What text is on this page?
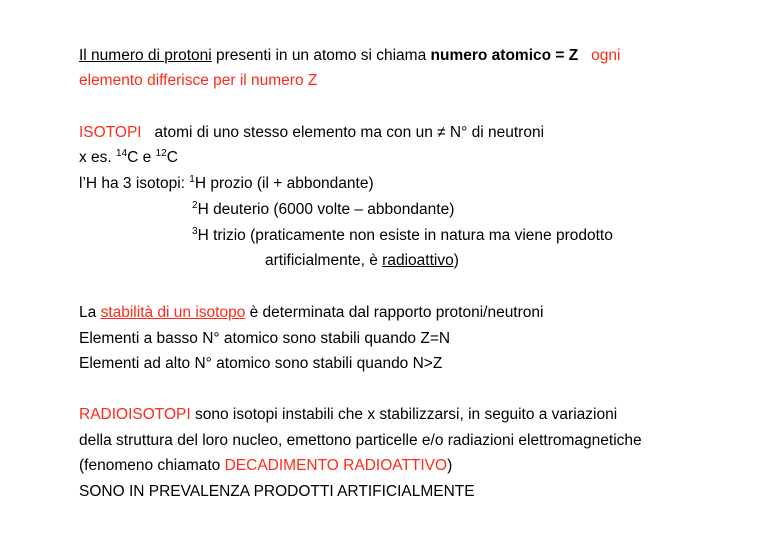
Il numero di protoni presenti in un atomo si chiama numero atomico = Z ogni
elemento differisce per il numero Z
ISOTOPI atomi di uno stesso elemento ma con un ≠ N° di neutroni
x es. $^{14}$C e $^{12}$C
l’H ha 3 isotopi: $^1$H prozio (il + abbondante)
$^2$H deuterio (6000 volte – abbondante)
$^3$H trizio (praticamente non esiste in natura ma viene prodotto
artificialmente, è radioattivo)
La stabilità di un isotopo è determinata dal rapporto protoni/neutroni
Elementi a basso N° atomico sono stabili quando Z=N
Elementi ad alto N° atomico sono stabili quando N>Z
RADIOISOTOPI sono isotopi instabili che x stabilizzarsi, in seguito a variazioni
della struttura del loro nucleo, emettono particelle e/o radiazioni elettromagnetiche
(fenomeno chiamato DECADIMENTO RADIOATTIVO)
SONO IN PREVALENZA PRODOTTI ARTIFICIALMENTE
